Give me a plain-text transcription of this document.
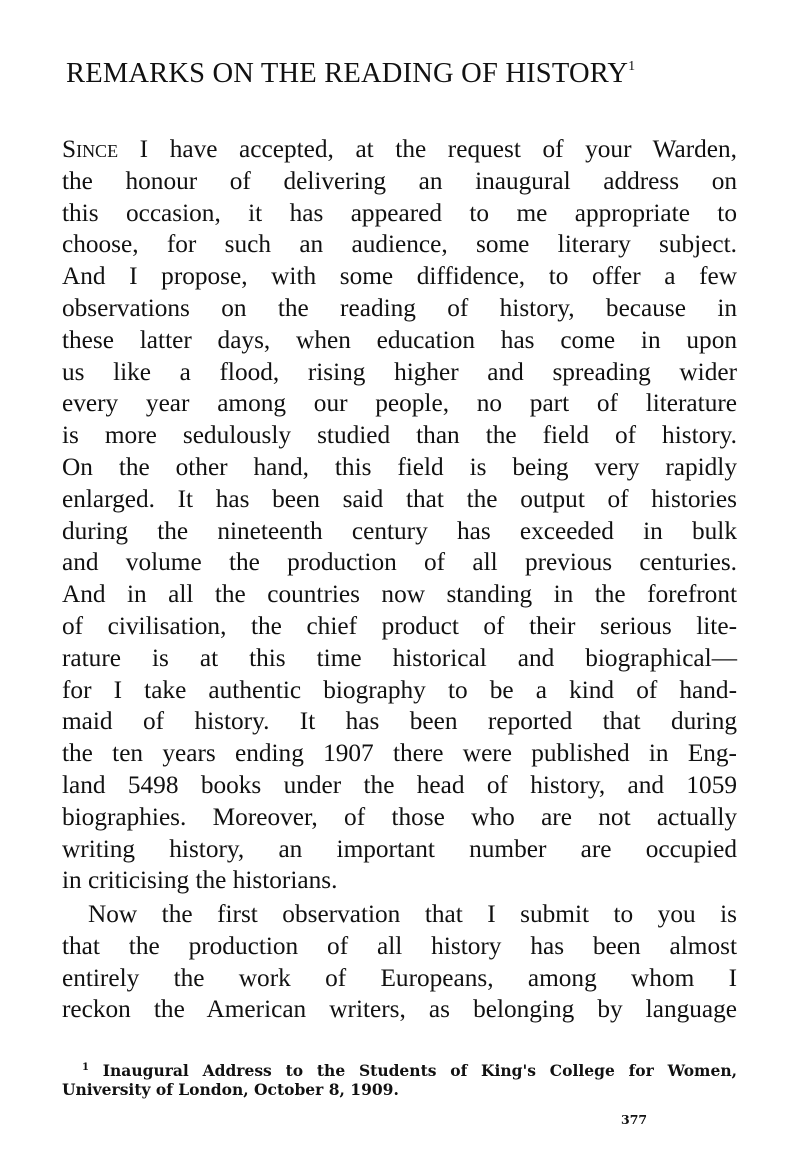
REMARKS ON THE READING OF HISTORY$^1$
Since I have accepted, at the request of your Warden,
the honour of delivering an inaugural address on
this occasion, it has appeared to me appropriate to
choose, for such an audience, some literary subject.
And I propose, with some diffidence, to offer a few
observations on the reading of history, because in
these latter days, when education has come in upon
us like a flood, rising higher and spreading wider
every year among our people, no part of literature
is more sedulously studied than the field of history.
On the other hand, this field is being very rapidly
enlarged. It has been said that the output of histories
during the nineteenth century has exceeded in bulk
and volume the production of all previous centuries.
And in all the countries now standing in the forefront
of civilisation, the chief product of their serious lite-
rature is at this time historical and biographical—
for I take authentic biography to be a kind of hand-
maid of history. It has been reported that during
the ten years ending 1907 there were published in Eng-
land 5498 books under the head of history, and 1059
biographies. Moreover, of those who are not actually
writing history, an important number are occupied
in criticising the historians.
Now the first observation that I submit to you is
that the production of all history has been almost
entirely the work of Europeans, among whom I
reckon the American writers, as belonging by language
$^1$ Inaugural Address to the Students of King's College for Women,
University of London, October 8, 1909.
377
